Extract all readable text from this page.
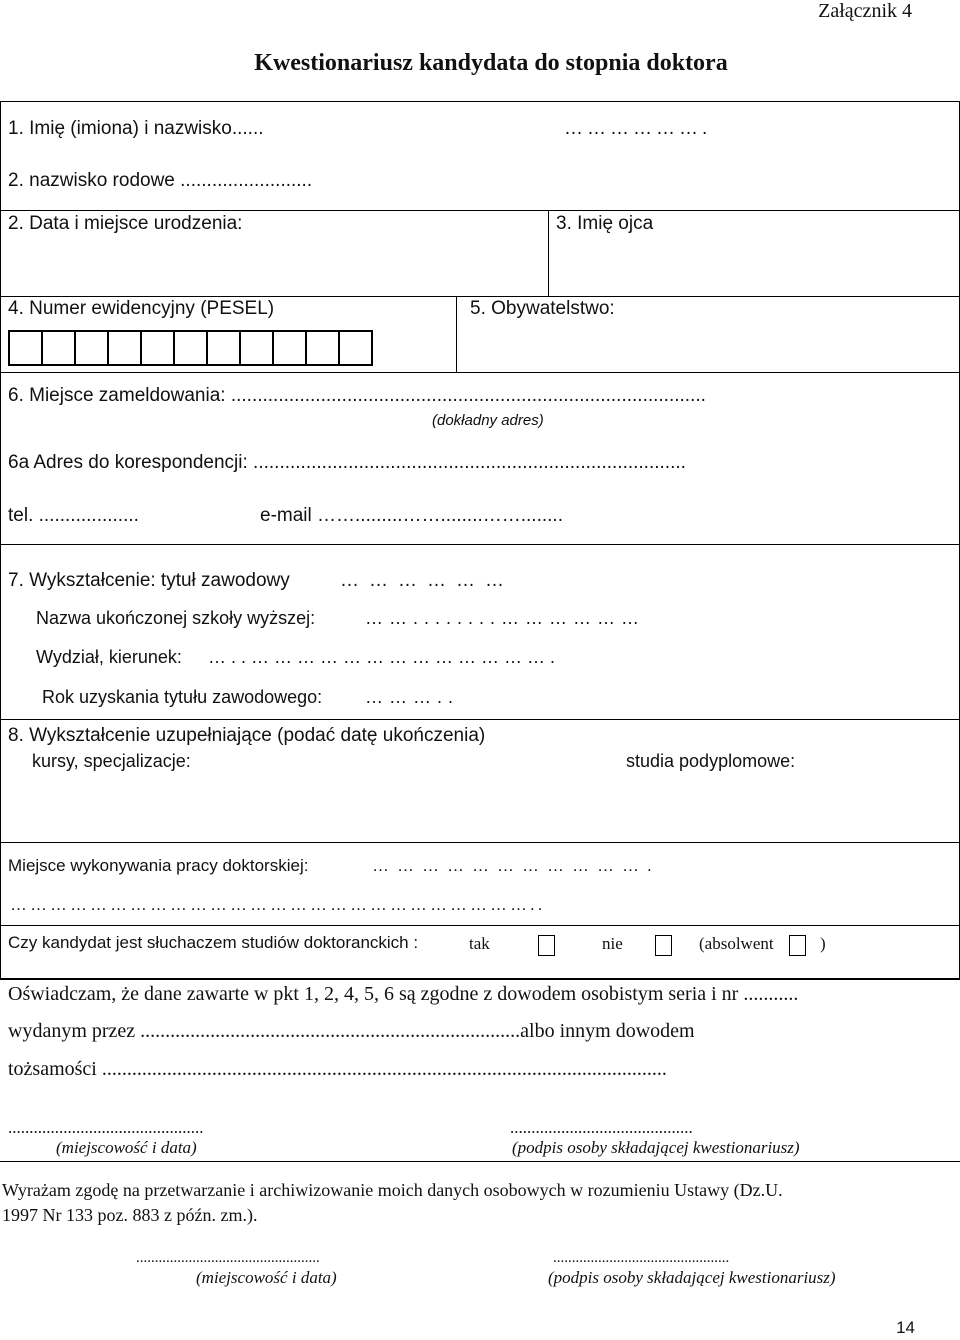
Załącznik 4
Kwestionariusz kandydata do stopnia doktora
1. Imię (imiona) i nazwisko......	……………….
2. nazwisko rodowe .........................
2. Data i miejsce urodzenia:	3. Imię ojca
4. Numer ewidencyjny (PESEL)	5. Obywatelstwo:
6. Miejsce zameldowania: ..........................................................................................
(dokładny adres)
6a Adres do korespondencji: ..................................................................................
tel. ...................	e-mail …….........……........……........
7. Wykształcenie: tytuł zawodowy	………………
Nazwa ukończonej szkoły wyższej:	……........………………
Wydział, kierunek: …..………………………………….
Rok uzyskania tytułu zawodowego: ………..
8. Wykształcenie uzupełniające (podać datę ukończenia)
kursy, specjalizacje:	studia podyplomowe:
Miejsce wykonywania pracy doktorskiej:	…………………………….
……………………………………………………………………..
Czy kandydat jest słuchaczem studiów doktoranckich :	tak	nie	(absolwent	)
Oświadczam, że dane zawarte w pkt 1, 2, 4, 5, 6 są zgodne z dowodem osobistym seria i nr ...........
wydanym przez ............................................................................albo innym dowodem
tożsamości .................................................................................................................
..............................................
(miejscowość i data)
...........................................
(podpis osoby składającej kwestionariusz)
Wyrażam zgodę na przetwarzanie i archiwizowanie moich danych osobowych w rozumieniu Ustawy (Dz.U.
1997 Nr 133 poz. 883 z późn. zm.).
.................................................
(miejscowość i data)
...............................................
(podpis osoby składającej kwestionariusz)
14
